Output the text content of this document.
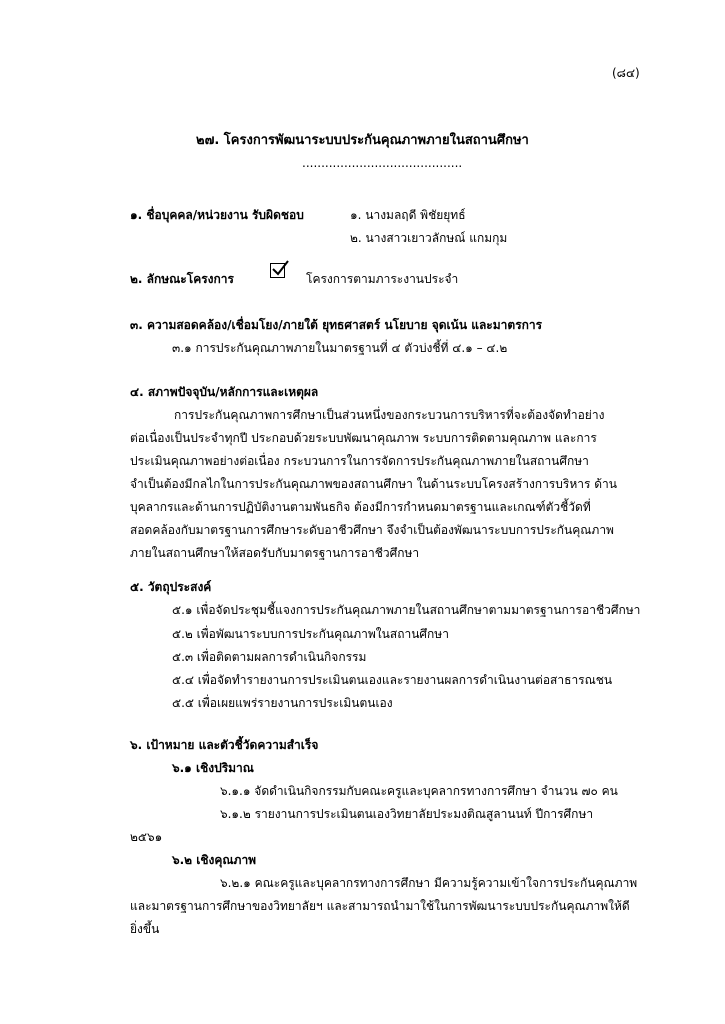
(๘๔)
๒๗. โครงการพัฒนาระบบประกันคุณภาพภายในสถานศึกษา
..........................................
๑. ชื่อบุคคล/หน่วยงาน รับผิดชอบ	๑. นางมลฤดี พิชัยยุทธ์
๒. นางสาวเยาวลักษณ์ แกมกุม
๒. ลักษณะโครงการ	โครงการตามภาระงานประจำ
๓. ความสอดคล้อง/เชื่อมโยง/ภายใต้ ยุทธศาสตร์ นโยบาย จุดเน้น และมาตรการ
๓.๑ การประกันคุณภาพภายในมาตรฐานที่ ๔ ตัวบ่งชี้ที่ ๔.๑ – ๔.๒
๔. สภาพปัจจุบัน/หลักการและเหตุผล
การประกันคุณภาพการศึกษาเป็นส่วนหนึ่งของกระบวนการบริหารที่จะต้องจัดทำอย่าง
ต่อเนื่องเป็นประจำทุกปี ประกอบด้วยระบบพัฒนาคุณภาพ ระบบการติดตามคุณภาพ และการ
ประเมินคุณภาพอย่างต่อเนื่อง กระบวนการในการจัดการประกันคุณภาพภายในสถานศึกษา
จำเป็นต้องมีกลไกในการประกันคุณภาพของสถานศึกษา ในด้านระบบโครงสร้างการบริหาร ด้าน
บุคลากรและด้านการปฏิบัติงานตามพันธกิจ ต้องมีการกำหนดมาตรฐานและเกณฑ์ตัวชี้วัดที่
สอดคล้องกับมาตรฐานการศึกษาระดับอาชีวศึกษา จึงจำเป็นต้องพัฒนาระบบการประกันคุณภาพ
ภายในสถานศึกษาให้สอดรับกับมาตรฐานการอาชีวศึกษา
๕. วัตถุประสงค์
๕.๑ เพื่อจัดประชุมชี้แจงการประกันคุณภาพภายในสถานศึกษาตามมาตรฐานการอาชีวศึกษา
๕.๒ เพื่อพัฒนาระบบการประกันคุณภาพในสถานศึกษา
๕.๓ เพื่อติดตามผลการดำเนินกิจกรรม
๕.๔ เพื่อจัดทำรายงานการประเมินตนเองและรายงานผลการดำเนินงานต่อสาธารณชน
๕.๕ เพื่อเผยแพร่รายงานการประเมินตนเอง
๖. เป้าหมาย และตัวชี้วัดความสำเร็จ
๖.๑ เชิงปริมาณ
๖.๑.๑ จัดดำเนินกิจกรรมกับคณะครูและบุคลากรทางการศึกษา จำนวน ๗๐ คน
๖.๑.๒ รายงานการประเมินตนเองวิทยาลัยประมงติณสูลานนท์ ปีการศึกษา
๒๕๖๑
๖.๒ เชิงคุณภาพ
๖.๒.๑ คณะครูและบุคลากรทางการศึกษา มีความรู้ความเข้าใจการประกันคุณภาพ
และมาตรฐานการศึกษาของวิทยาลัยฯ และสามารถนำมาใช้ในการพัฒนาระบบประกันคุณภาพให้ดี
ยิ่งขึ้น
